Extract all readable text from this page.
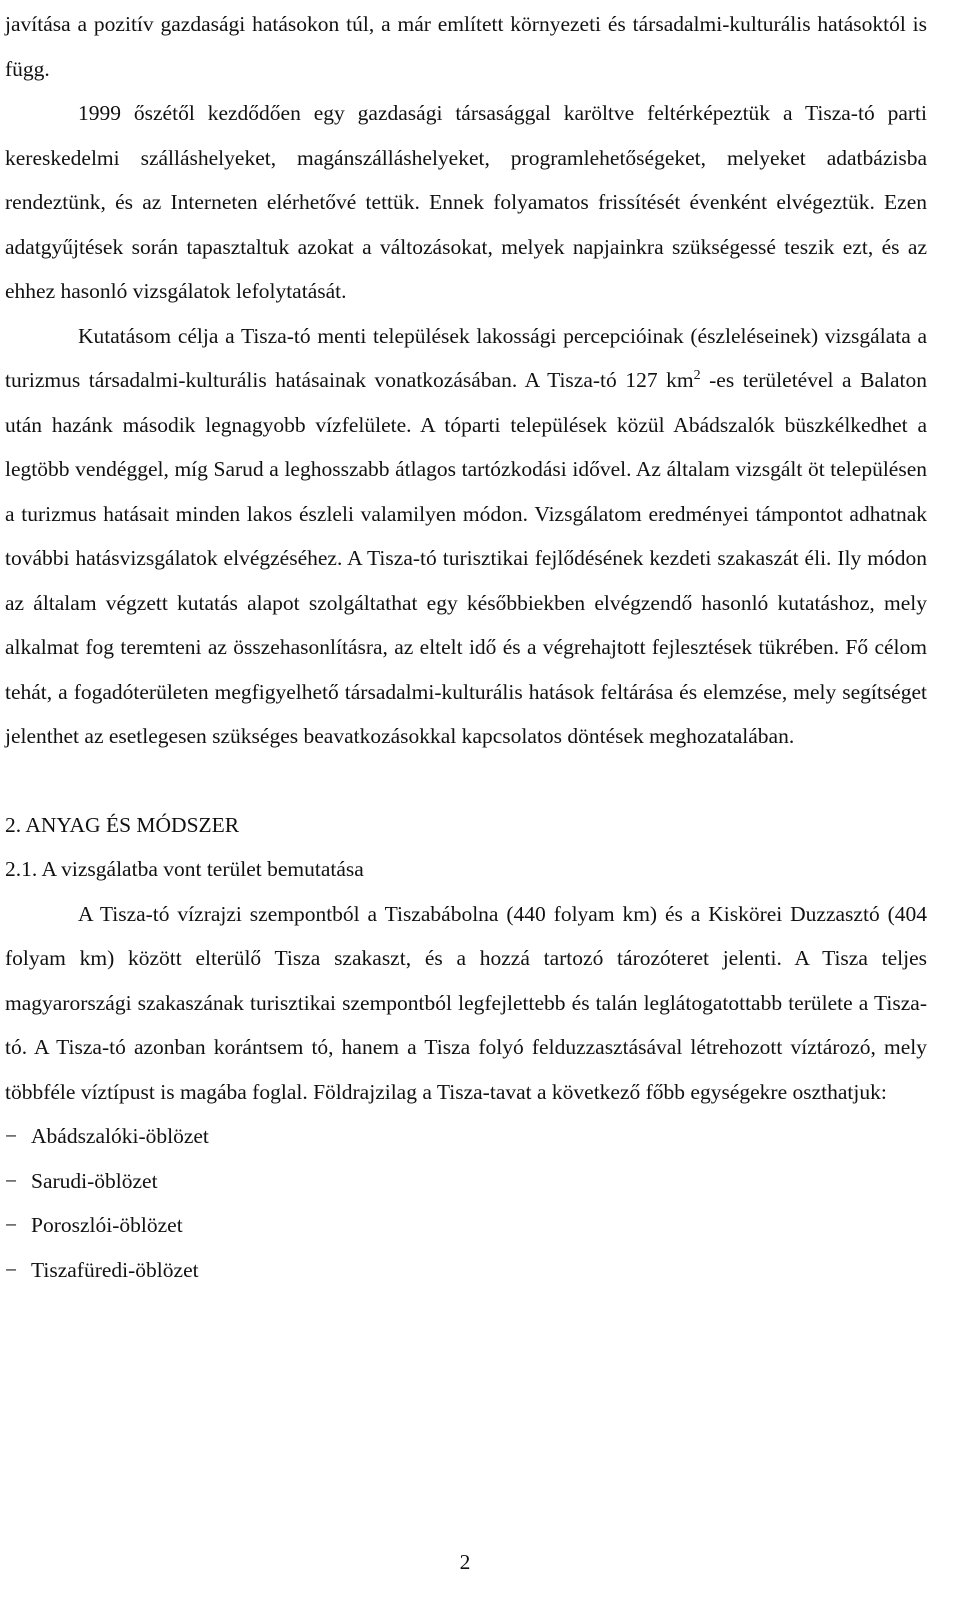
javítása a pozitív gazdasági hatásokon túl, a már említett környezeti és társadalmi-kulturális hatásoktól is függ.

1999 őszétől kezdődően egy gazdasági társasággal karöltve feltérképeztük a Tisza-tó parti kereskedelmi szálláshelyeket, magánszálláshelyeket, programlehetőségeket, melyeket adatbázisba rendeztünk, és az Interneten elérhetővé tettük. Ennek folyamatos frissítését évenként elvégeztük. Ezen adatgyűjtések során tapasztaltuk azokat a változásokat, melyek napjainkra szükségessé teszik ezt, és az ehhez hasonló vizsgálatok lefolytatását.

Kutatásom célja a Tisza-tó menti települések lakossági percepcióinak (észleléseinek) vizsgálata a turizmus társadalmi-kulturális hatásainak vonatkozásában. A Tisza-tó 127 $km^2$ -es területével a Balaton után hazánk második legnagyobb vízfelülete. A tóparti települések közül Abádszalók büszkélkedhet a legtöbb vendéggel, míg Sarud a leghosszabb átlagos tartózkodási idővel. Az általam vizsgált öt településen a turizmus hatásait minden lakos észleli valamilyen módon. Vizsgálatom eredményei támpontot adhatnak további hatásvizsgálatok elvégzéséhez. A Tisza-tó turisztikai fejlődésének kezdeti szakaszát éli. Ily módon az általam végzett kutatás alapot szolgáltathat egy későbbiekben elvégzendő hasonló kutatáshoz, mely alkalmat fog teremteni az összehasonlításra, az eltelt idő és a végrehajtott fejlesztések tükrében. Fő célom tehát, a fogadóterületen megfigyelhető társadalmi-kulturális hatások feltárása és elemzése, mely segítséget jelenthet az esetlegesen szükséges beavatkozásokkal kapcsolatos döntések meghozatalában.

2. ANYAG ÉS MÓDSZER
2.1. A vizsgálatba vont terület bemutatása

A Tisza-tó vízrajzi szempontból a Tiszabábolna (440 folyam km) és a Kiskörei Duzzasztó (404 folyam km) között elterülő Tisza szakaszt, és a hozzá tartozó tározóteret jelenti. A Tisza teljes magyarországi szakaszának turisztikai szempontból legfejlettebb és talán leglátogatottabb területe a Tisza-tó. A Tisza-tó azonban korántsem tó, hanem a Tisza folyó felduzzasztásával létrehozott víztározó, mely többféle víztípust is magába foglal. Földrajzilag a Tisza-tavat a következő főbb egységekre oszthatjuk:

− Abádszalóki-öblözet
− Sarudi-öblözet
− Poroszlói-öblözet
− Tiszafüredi-öblözet
2
